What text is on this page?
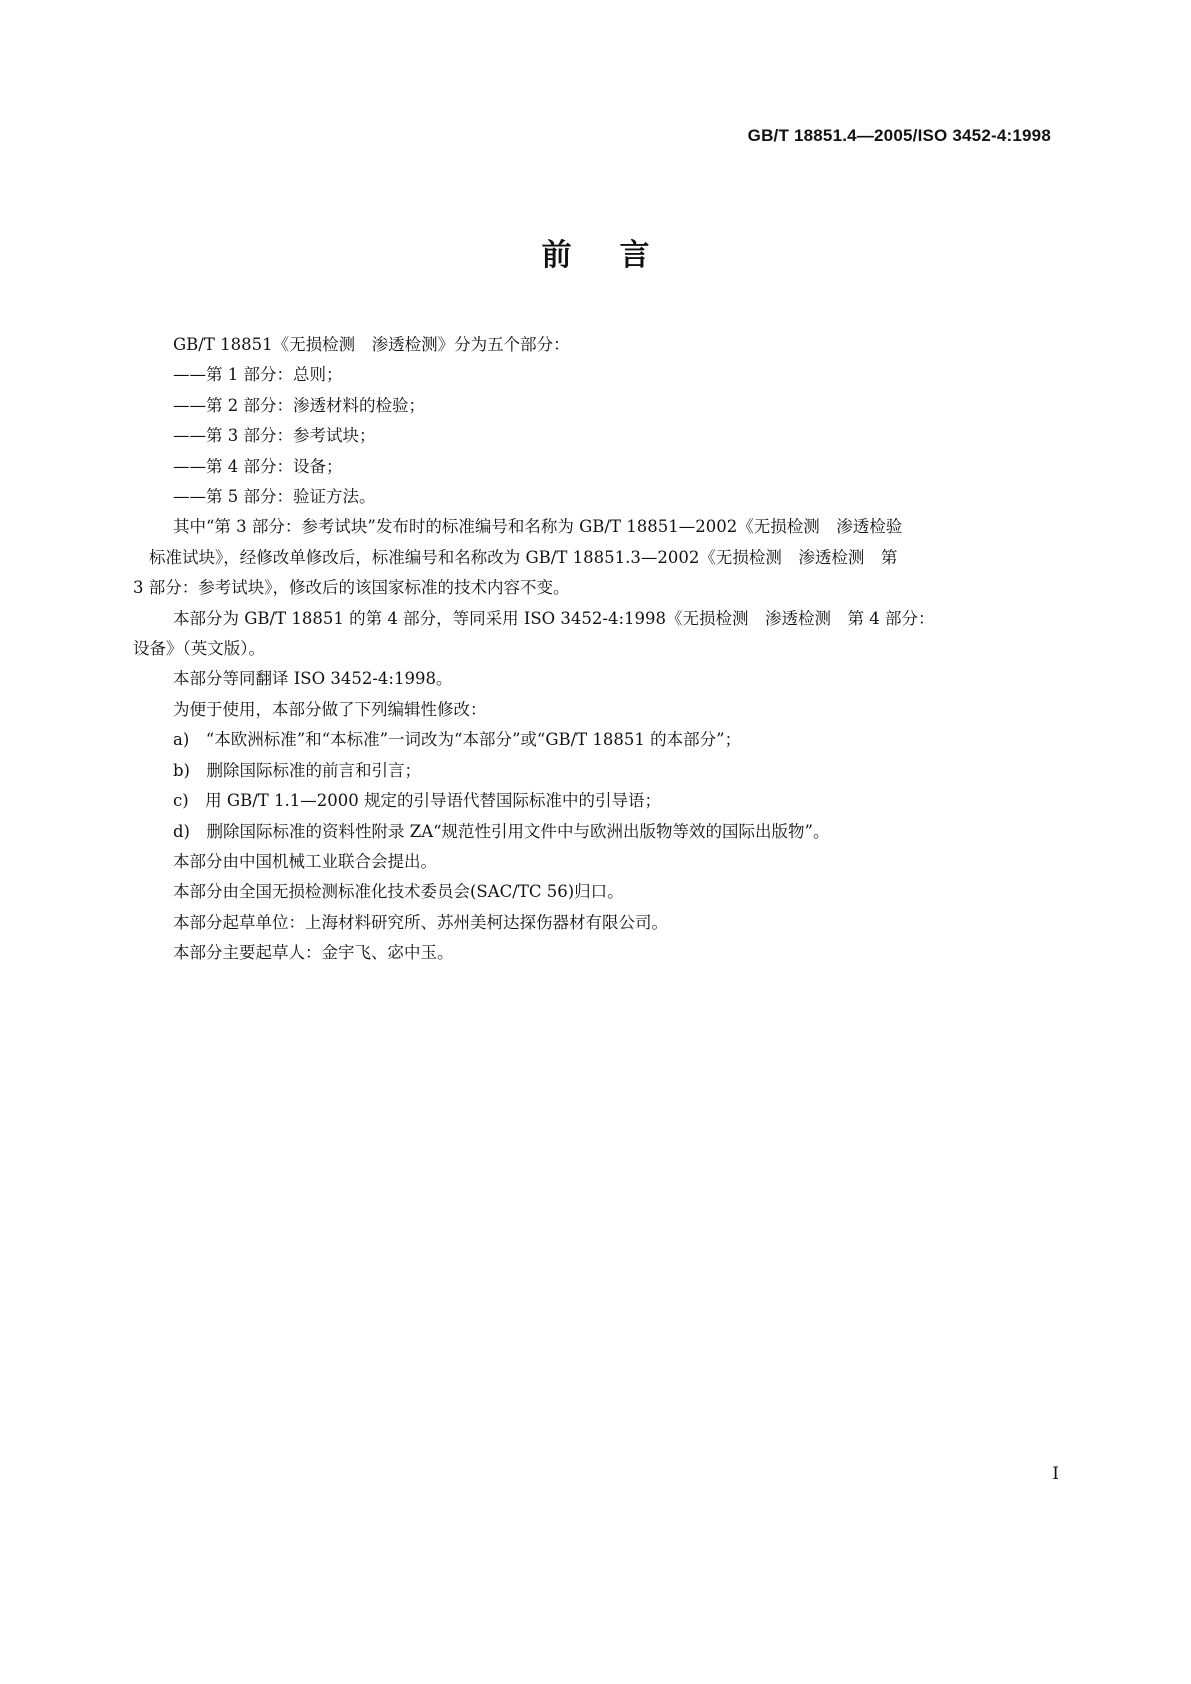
GB/T 18851.4—2005/ISO 3452-4:1998
前言

GB/T 18851《无损检测　渗透检测》分为五个部分：

——第 1 部分：总则；

——第 2 部分：渗透材料的检验；

——第 3 部分：参考试块；

——第 4 部分：设备；

——第 5 部分：验证方法。

其中“第 3 部分：参考试块”发布时的标准编号和名称为 GB/T 18851—2002《无损检测　渗透检验
标准试块》，经修改单修改后，标准编号和名称改为 GB/T 18851.3—2002《无损检测　渗透检测　第
3 部分：参考试块》，修改后的该国家标准的技术内容不变。
本部分为 GB/T 18851 的第 4 部分，等同采用 ISO 3452-4:1998《无损检测　渗透检测　第 4 部分：
设备》（英文版）。

本部分等同翻译 ISO 3452-4:1998。

为便于使用，本部分做了下列编辑性修改：

a)　“本欧洲标准”和“本标准”一词改为“本部分”或“GB/T 18851 的本部分”；

b)　删除国际标准的前言和引言；

c)　用 GB/T 1.1—2000 规定的引导语代替国际标准中的引导语；

d)　删除国际标准的资料性附录 ZA“规范性引用文件中与欧洲出版物等效的国际出版物”。

本部分由中国机械工业联合会提出。

本部分由全国无损检测标准化技术委员会(SAC/TC 56)归口。

本部分起草单位：上海材料研究所、苏州美柯达探伤器材有限公司。

本部分主要起草人：金宇飞、宓中玉。

I
